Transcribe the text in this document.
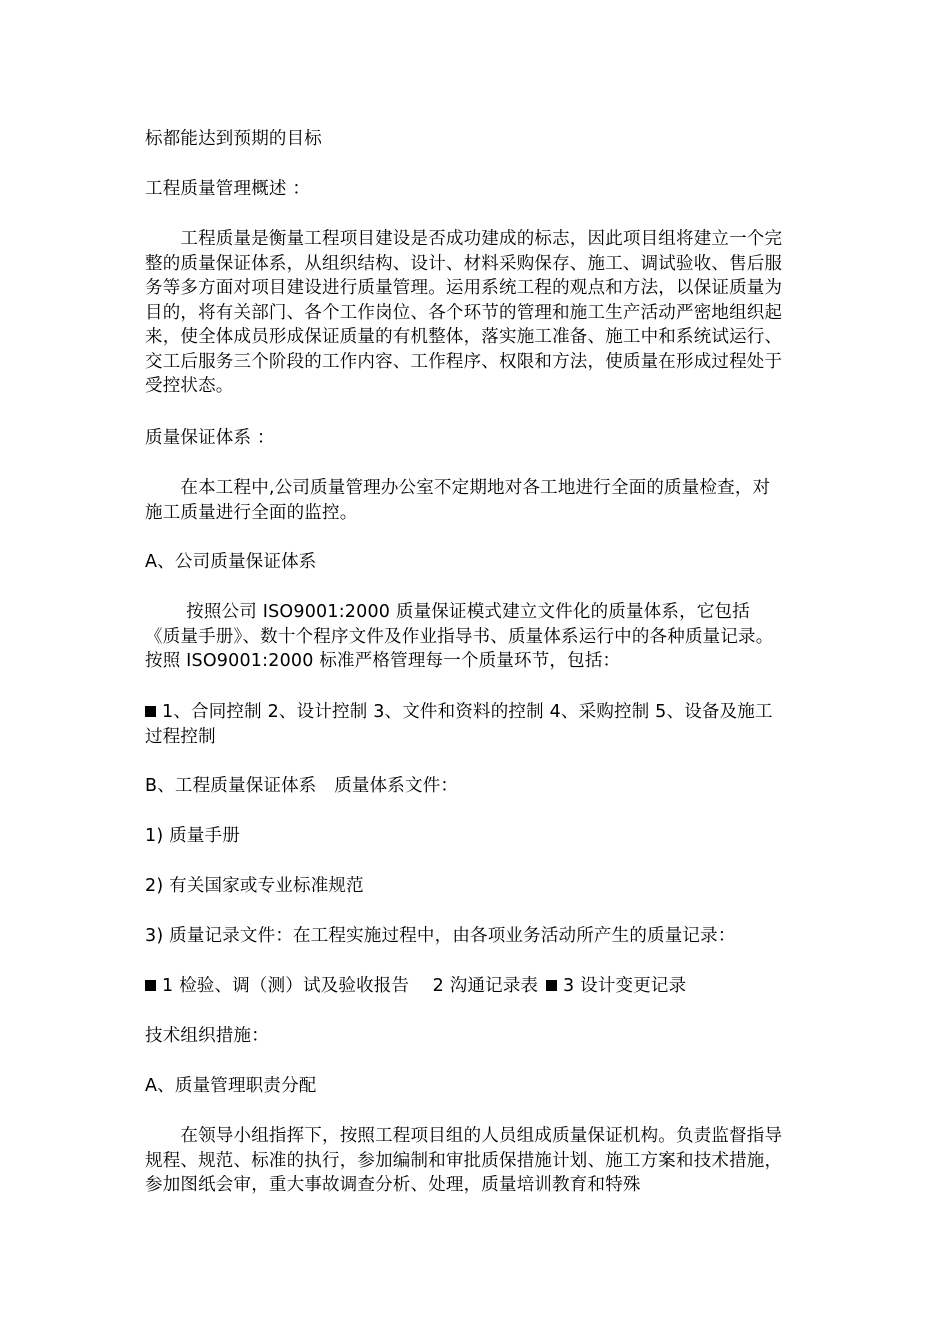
标都能达到预期的目标
工程质量管理概述 ：
　　工程质量是衡量工程项目建设是否成功建成的标志，因此项目组将建立一个完整的质量保证体系，从组织结构、设计、材料采购保存、施工、调试验收、售后服务等多方面对项目建设进行质量管理。运用系统工程的观点和方法，以保证质量为目的，将有关部门、各个工作岗位、各个环节的管理和施工生产活动严密地组织起来，使全体成员形成保证质量的有机整体，落实施工准备、施工中和系统试运行、交工后服务三个阶段的工作内容、工作程序、权限和方法，使质量在形成过程处于受控状态。
质量保证体系 ：
　　在本工程中,公司质量管理办公室不定期地对各工地进行全面的质量检查，对施工质量进行全面的监控。
A、公司质量保证体系
　　 按照公司 ISO9001:2000 质量保证模式建立文件化的质量体系，它包括《质量手册》、数十个程序文件及作业指导书、质量体系运行中的各种质量记录。按照 ISO9001:2000 标准严格管理每一个质量环节，包括：
1、合同控制 2、设计控制 3、文件和资料的控制 4、采购控制 5、设备及施工过程控制
B、工程质量保证体系　质量体系文件：
1) 质量手册
2) 有关国家或专业标准规范
3) 质量记录文件：在工程实施过程中，由各项业务活动所产生的质量记录：
1 检验、调（测）试及验收报告　 2 沟通记录表 3 设计变更记录
技术组织措施：
A、质量管理职责分配
　　在领导小组指挥下，按照工程项目组的人员组成质量保证机构。负责监督指导规程、规范、标准的执行，参加编制和审批质保措施计划、施工方案和技术措施，参加图纸会审，重大事故调查分析、处理，质量培训教育和特殊
